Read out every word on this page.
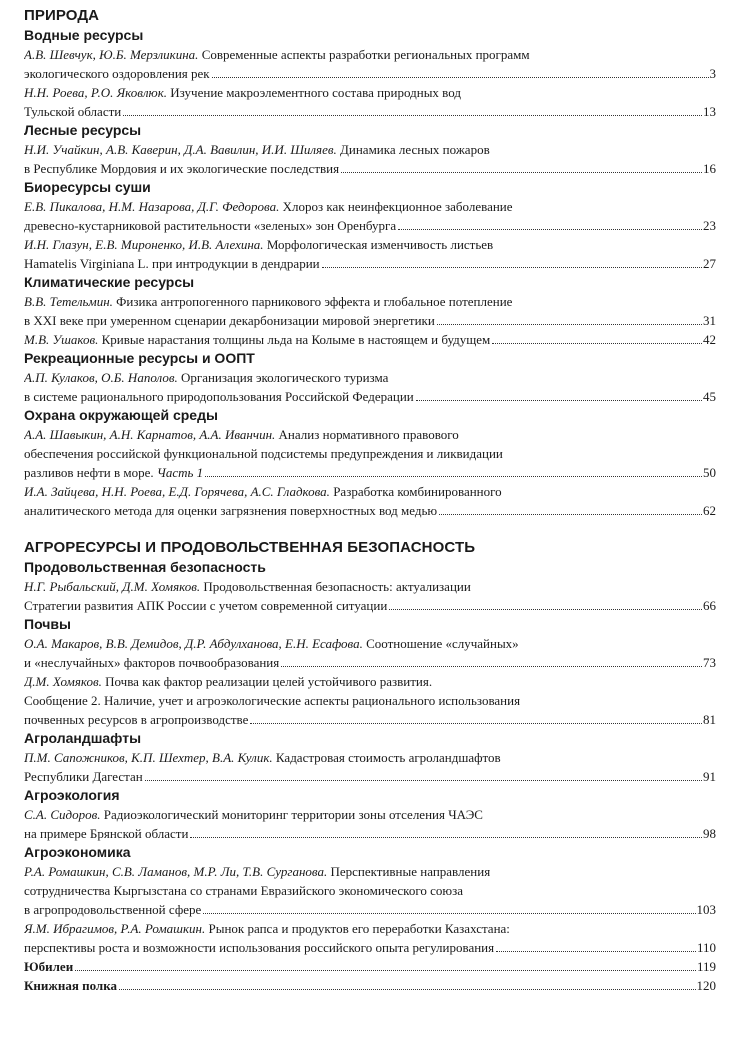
ПРИРОДА
Водные ресурсы
А.В. Шевчук, Ю.Б. Мерзликина. Современные аспекты разработки региональных программ
экологического оздоровления рек	3
Н.Н. Роева, Р.О. Яковлюк. Изучение макроэлементного состава природных вод
Тульской области	13
Лесные ресурсы
Н.И. Учайкин, А.В. Каверин, Д.А. Вавилин, И.И. Шиляев. Динамика лесных пожаров
в Республике Мордовия и их экологические последствия	16
Биоресурсы суши
Е.В. Пикалова, Н.М. Назарова, Д.Г. Федорова. Хлороз как неинфекционное заболевание
древесно-кустарниковой растительности «зеленых» зон Оренбурга	23
И.Н. Глазун, Е.В. Мироненко, И.В. Алехина. Морфологическая изменчивость листьев
Hamatelis Virginiana L. при интродукции в дендрарии	27
Климатические ресурсы
В.В. Тетельмин. Физика антропогенного парникового эффекта и глобальное потепление
в XXI веке при умеренном сценарии декарбонизации мировой энергетики	31
М.В. Ушаков. Кривые нарастания толщины льда на Колыме в настоящем и будущем	42
Рекреационные ресурсы и ООПТ
А.П. Кулаков, О.Б. Наполов. Организация экологического туризма
в системе рационального природопользования Российской Федерации	45
Охрана окружающей среды
А.А. Шавыкин, А.Н. Карнатов, А.А. Иванчин. Анализ нормативного правового
обеспечения российской функциональной подсистемы предупреждения и ликвидации
разливов нефти в море. Часть 1	50
И.А. Зайцева, Н.Н. Роева, Е.Д. Горячева, А.С. Гладкова. Разработка комбинированного
аналитического метода для оценки загрязнения поверхностных вод медью	62
АГРОРЕСУРСЫ И ПРОДОВОЛЬСТВЕННАЯ БЕЗОПАСНОСТЬ
Продовольственная безопасность
Н.Г. Рыбальский, Д.М. Хомяков. Продовольственная безопасность: актуализации
Стратегии развития АПК России с учетом современной ситуации	66
Почвы
О.А. Макаров, В.В. Демидов, Д.Р. Абдулханова, Е.Н. Есафова. Соотношение «случайных»
и «неслучайных» факторов почвообразования	73
Д.М. Хомяков. Почва как фактор реализации целей устойчивого развития.
Сообщение 2. Наличие, учет и агроэкологические аспекты рационального использования
почвенных ресурсов в агропроизводстве	81
Агроландшафты
П.М. Сапожников, К.П. Шехтер, В.А. Кулик. Кадастровая стоимость агроландшафтов
Республики Дагестан	91
Агроэкология
С.А. Сидоров. Радиоэкологический мониторинг территории зоны отселения ЧАЭС
на примере Брянской области	98
Агроэкономика
Р.А. Ромашкин, С.В. Ламанов, М.Р. Ли, Т.В. Сурганова. Перспективные направления
сотрудничества Кыргызстана со странами Евразийского экономического союза
в агропродовольственной сфере	103
Я.М. Ибрагимов, Р.А. Ромашкин. Рынок рапса и продуктов его переработки Казахстана:
перспективы роста и возможности использования российского опыта регулирования	110
Юбилеи	119
Книжная полка	120
